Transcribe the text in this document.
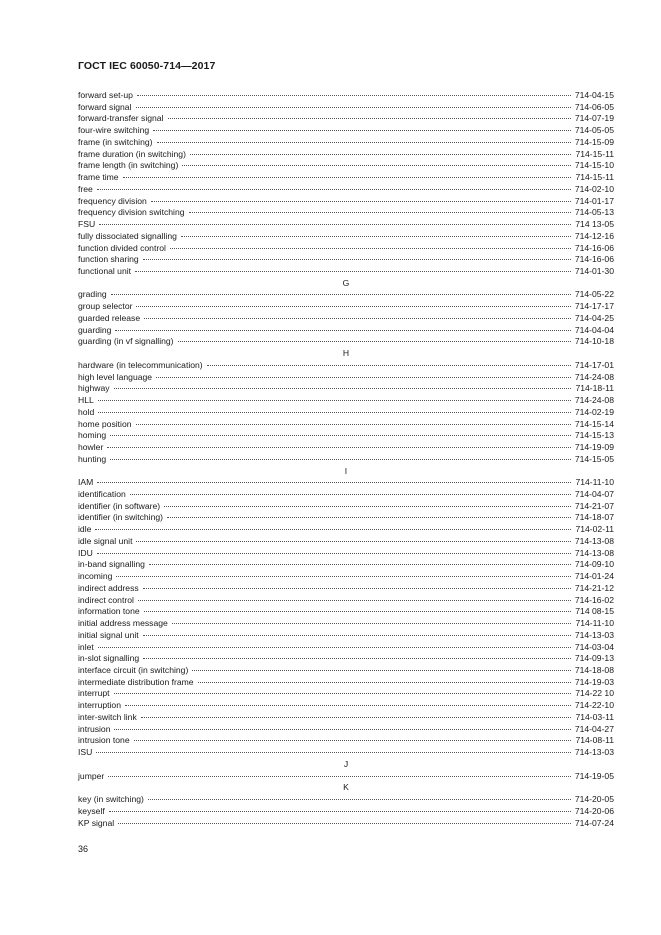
ГОСТ IEC 60050-714—2017
forward set-up	714-04-15
forward signal	714-06-05
forward-transfer signal	714-07-19
four-wire switching	714-05-05
frame (in switching)	714-15-09
frame duration (in switching)	714-15-11
frame length (in switching)	714-15-10
frame time	714-15-11
free	714-02-10
frequency division	714-01-17
frequency division switching	714-05-13
FSU	714 13-05
fully dissociated signalling	714-12-16
function divided control	714-16-06
function sharing	714-16-06
functional unit	714-01-30
G
grading	714-05-22
group selector	714-17-17
guarded release	714-04-25
guarding	714-04-04
guarding (in vf signalling)	714-10-18
H
hardware (in telecommunication)	714-17-01
high level language	714-24-08
highway	714-18-11
HLL	714-24-08
hold	714-02-19
home position	714-15-14
homing	714-15-13
howler	714-19-09
hunting	714-15-05
I
IAM	714-11-10
identification	714-04-07
identifier (in software)	714-21-07
identifier (in switching)	714-18-07
idle	714-02-11
idle signal unit	714-13-08
IDU	714-13-08
in-band signalling	714-09-10
incoming	714-01-24
indirect address	714-21-12
indirect control	714-16-02
information tone	714 08-15
initial address message	714-11-10
initial signal unit	714-13-03
inlet	714-03-04
in-slot signalling	714-09-13
interface circuit (in switching)	714-18-08
intermediate distribution frame	714-19-03
interrupt	714-22 10
interruption	714-22-10
inter-switch link	714-03-11
intrusion	714-04-27
intrusion tone	714-08-11
ISU	714-13-03
J
jumper	714-19-05
K
key (in switching)	714-20-05
keyself	714-20-06
KP signal	714-07-24
36
